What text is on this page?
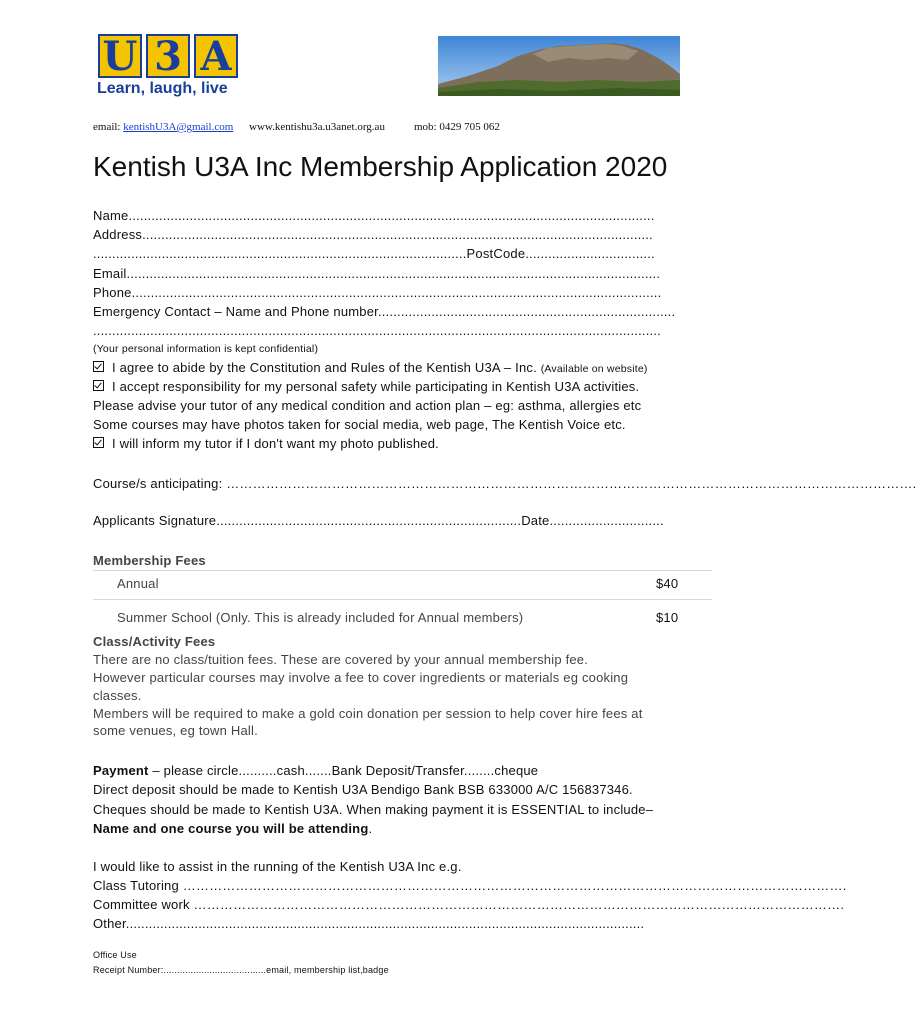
U 3 A
Learn, laugh, live
email: kentishU3A@gmail.com www.kentishu3a.u3anet.org.au	mob: 0429 705 062
Kentish U3A Inc Membership Application 2020
Name..........................................................................................................................................
Address......................................................................................................................................
..................................................................................................PostCode..................................
Email............................................................................................................................................
Phone...........................................................................................................................................
Emergency Contact – Name and Phone number..............................................................................
.....................................................................................................................................................
(Your personal information is kept confidential)
I agree to abide by the Constitution and Rules of the Kentish U3A – Inc. (Available on website)
I accept responsibility for my personal safety while participating in Kentish U3A activities.
Please advise your tutor of any medical condition and action plan – eg: asthma, allergies etc
Some courses may have photos taken for social media, web page, The Kentish Voice etc.
I will inform my tutor if I don't want my photo published.
Course/s anticipating: ………………………………………………………………………………………………………………………………………….
Applicants Signature................................................................................Date..............................
Membership Fees
Annual	$40
Summer School (Only. This is already included for Annual members)	$10
Class/Activity Fees
There are no class/tuition fees. These are covered by your annual membership fee.
However particular courses may involve a fee to cover ingredients or materials eg cooking
classes.
Members will be required to make a gold coin donation per session to help cover hire fees at
some venues, eg town Hall.
Payment – please circle..........cash.......Bank Deposit/Transfer........cheque
Direct deposit should be made to Kentish U3A Bendigo Bank BSB 633000 A/C 156837346.
Cheques should be made to Kentish U3A. When making payment it is ESSENTIAL to include–
Name and one course you will be attending.
I would like to assist in the running of the Kentish U3A Inc e.g.
Class Tutoring …………………………………………………………………………………………………………………………………….
Committee work ………………………………………………………………………………………………………………………………….
Other........................................................................................................................................
Office Use
Receipt Number:......................................email, membership list,badge
